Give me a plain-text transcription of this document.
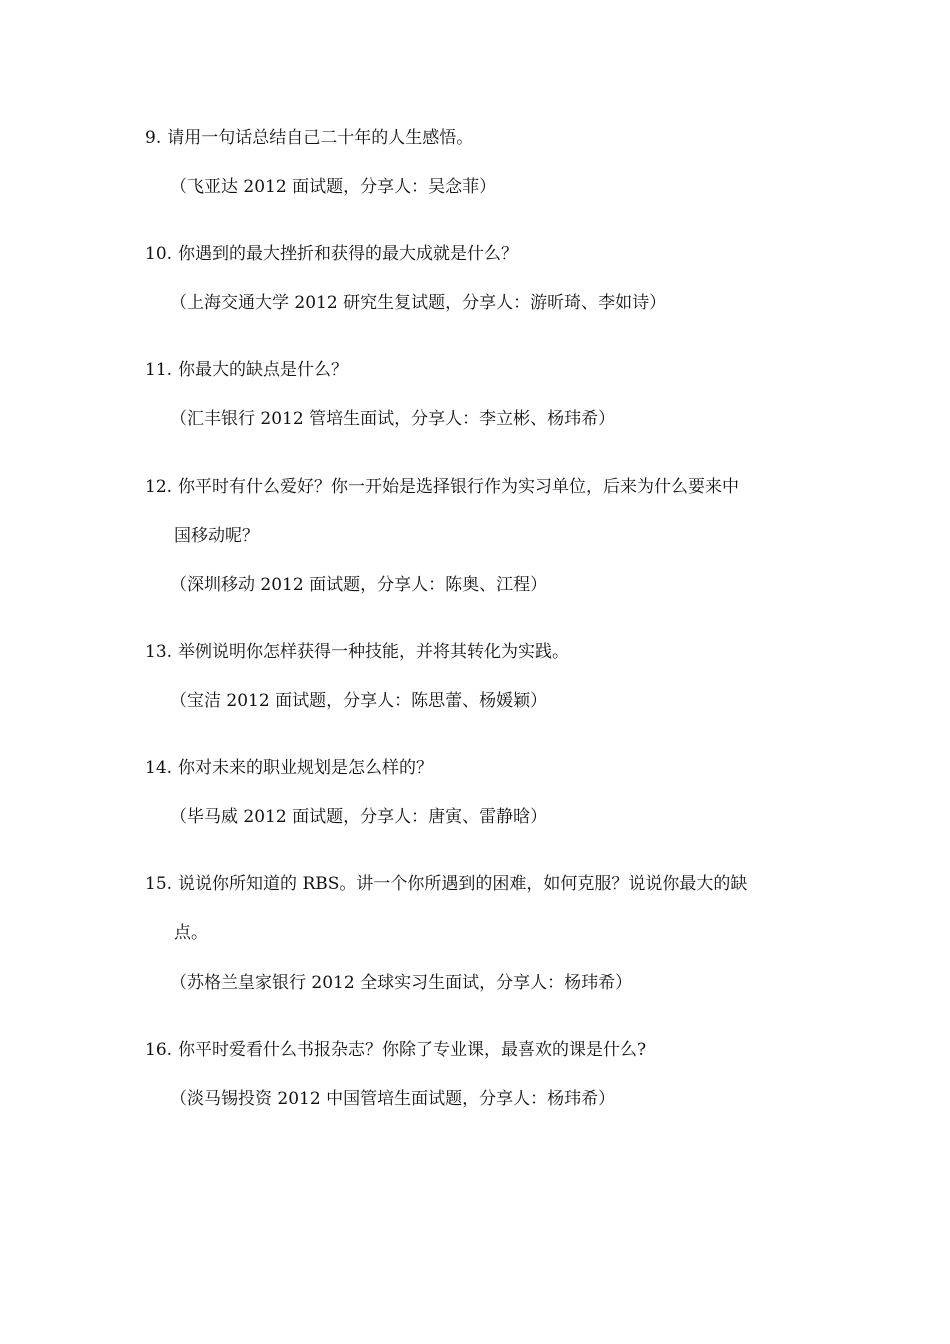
9. 请用一句话总结自己二十年的人生感悟。
（飞亚达 2012 面试题，分享人：吴念菲）
10. 你遇到的最大挫折和获得的最大成就是什么？
（上海交通大学 2012 研究生复试题，分享人：游昕琦、李如诗）
11. 你最大的缺点是什么？
（汇丰银行 2012 管培生面试，分享人：李立彬、杨玮希）
12. 你平时有什么爱好？你一开始是选择银行作为实习单位，后来为什么要来中
国移动呢？
（深圳移动 2012 面试题，分享人：陈奥、江程）
13. 举例说明你怎样获得一种技能，并将其转化为实践。
（宝洁 2012 面试题，分享人：陈思蕾、杨媛颖）
14. 你对未来的职业规划是怎么样的？
（毕马威 2012 面试题，分享人：唐寅、雷静晗）
15. 说说你所知道的 RBS。讲一个你所遇到的困难，如何克服？说说你最大的缺
点。
（苏格兰皇家银行 2012 全球实习生面试，分享人：杨玮希）
16. 你平时爱看什么书报杂志？你除了专业课，最喜欢的课是什么?
（淡马锡投资 2012 中国管培生面试题，分享人：杨玮希）
